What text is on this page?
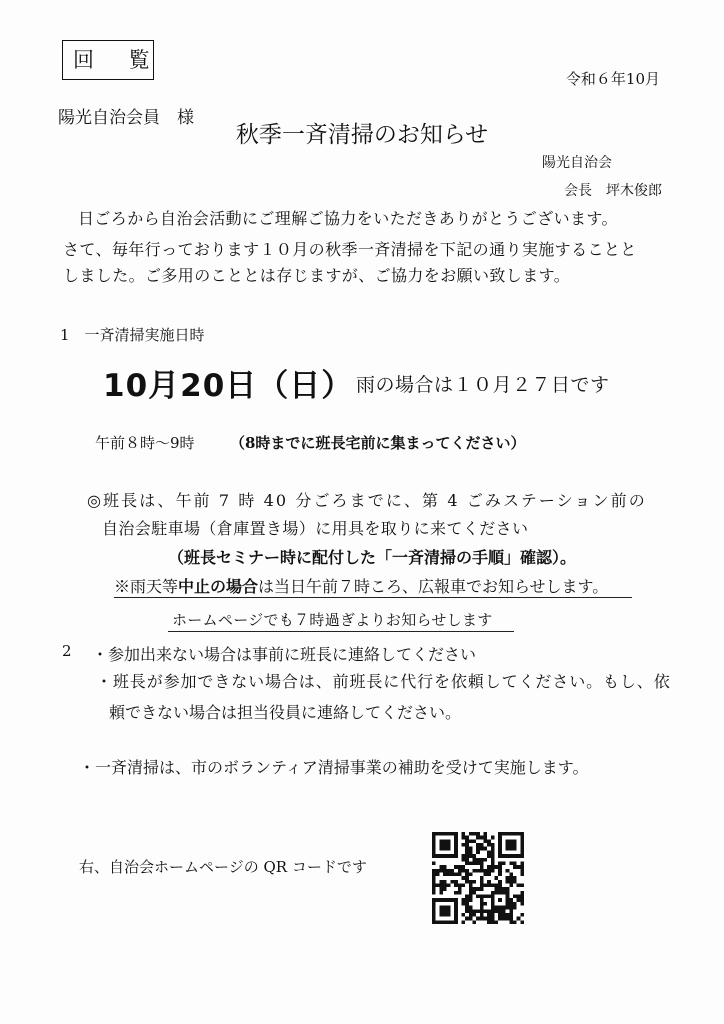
回 覧
令和６年10月
陽光自治会員　様
秋季一斉清掃のお知らせ
陽光自治会
会長　坪木俊郎
日ごろから自治会活動にご理解ご協力をいただきありがとうございます。
さて、毎年行っております１０月の秋季一斉清掃を下記の通り実施することと
しました。ご多用のこととは存じますが、ご協力をお願い致します。
1　一斉清掃実施日時
10月20日（日） 雨の場合は１０月２７日です
午前８時～9時 （8時までに班長宅前に集まってください）
◎班長は、午前 7 時 40 分ごろまでに、第 4 ごみステーション前の
自治会駐車場（倉庫置き場）に用具を取りに来てください
（班長セミナー時に配付した「一斉清掃の手順」確認）。
※雨天等中止の場合は当日午前７時ころ、広報車でお知らせします。
ホームページでも７時過ぎよりお知らせします
2 ・参加出来ない場合は事前に班長に連絡してください
・班長が参加できない場合は、前班長に代行を依頼してください。もし、依
頼できない場合は担当役員に連絡してください。
・一斉清掃は、市のボランティア清掃事業の補助を受けて実施します。
右、自治会ホームページの QR コードです
